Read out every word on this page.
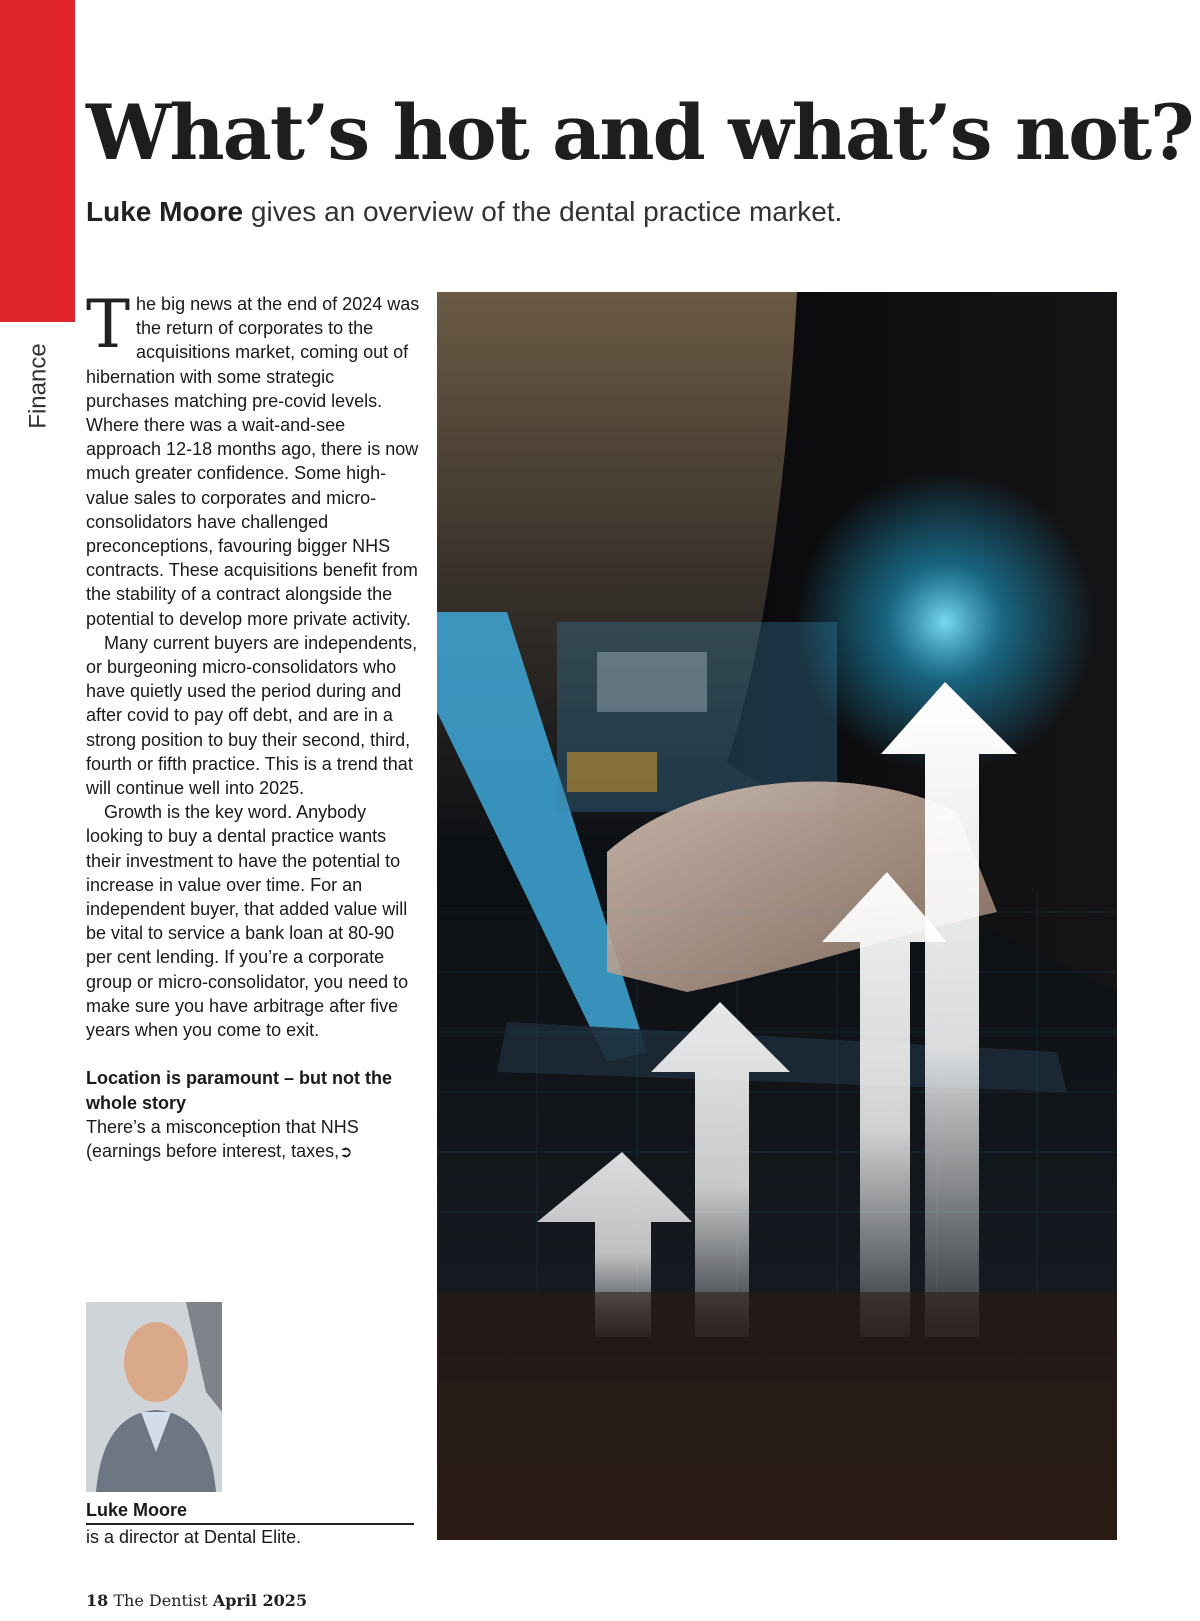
Finance
What’s hot and what’s not?

Luke Moore gives an overview of the dental practice market.

The big news at the end of 2024 was the return of corporates to the acquisitions market, coming out of hibernation with some strategic purchases matching pre-covid levels. Where there was a wait-and-see approach 12-18 months ago, there is now much greater confidence. Some high-value sales to corporates and micro-consolidators have challenged preconceptions, favouring bigger NHS contracts. These acquisitions benefit from the stability of a contract alongside the potential to develop more private activity.

Many current buyers are independents, or burgeoning micro-consolidators who have quietly used the period during and after covid to pay off debt, and are in a strong position to buy their second, third, fourth or fifth practice. This is a trend that will continue well into 2025.

Growth is the key word. Anybody looking to buy a dental practice wants their investment to have the potential to increase in value over time. For an independent buyer, that added value will be vital to service a bank loan at 80-90 per cent lending. If you’re a corporate group or micro-consolidator, you need to make sure you have arbitrage after five years when you come to exit.

Location is paramount – but not the whole story

There’s a misconception that NHS (earnings before interest, taxes,➲

Luke Moore
is a director at Dental Elite.
18 The Dentist April 2025
